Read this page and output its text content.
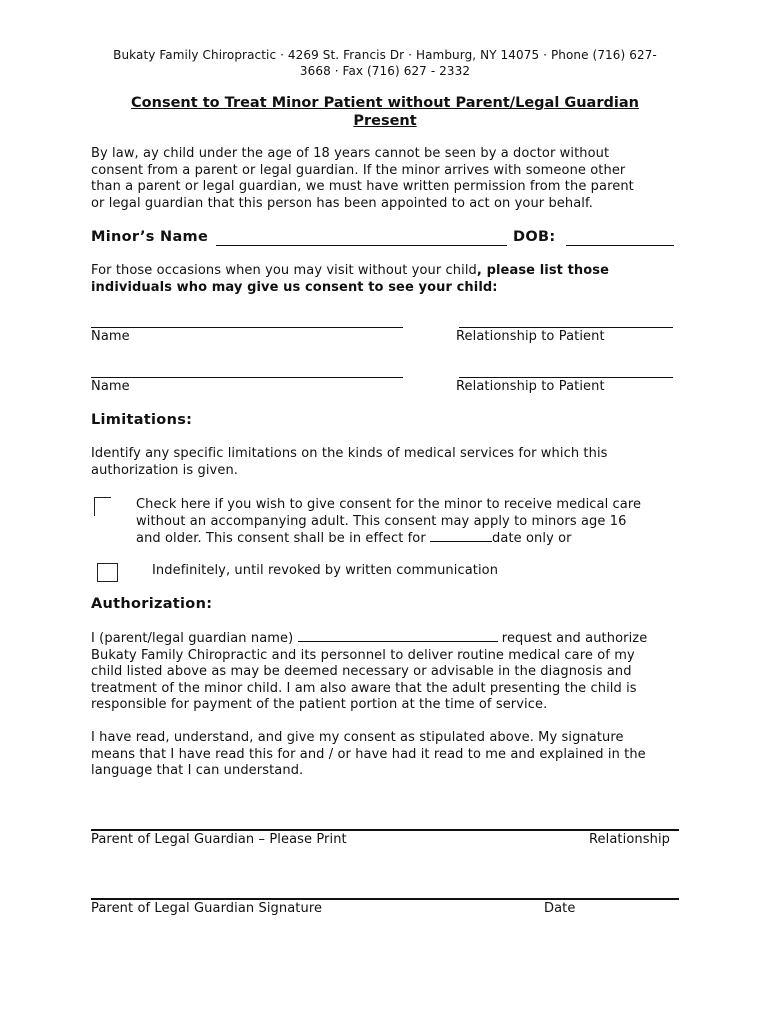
Bukaty Family Chiropractic · 4269 St. Francis Dr · Hamburg, NY 14075 · Phone (716) 627-
3668 · Fax (716) 627 - 2332
Consent to Treat Minor Patient without Parent/Legal Guardian
Present
By law, ay child under the age of 18 years cannot be seen by a doctor without
consent from a parent or legal guardian. If the minor arrives with someone other
than a parent or legal guardian, we must have written permission from the parent
or legal guardian that this person has been appointed to act on your behalf.
Minor’s Name	DOB:
For those occasions when you may visit without your child, please list those
individuals who may give us consent to see your child:
Name	Relationship to Patient
Name	Relationship to Patient
Limitations:
Identify any specific limitations on the kinds of medical services for which this
authorization is given.
Check here if you wish to give consent for the minor to receive medical care
without an accompanying adult. This consent may apply to minors age 16
and older. This consent shall be in effect for	date only or
Indefinitely, until revoked by written communication
Authorization:
I (parent/legal guardian name)	request and authorize
Bukaty Family Chiropractic and its personnel to deliver routine medical care of my
child listed above as may be deemed necessary or advisable in the diagnosis and
treatment of the minor child. I am also aware that the adult presenting the child is
responsible for payment of the patient portion at the time of service.
I have read, understand, and give my consent as stipulated above. My signature
means that I have read this for and / or have had it read to me and explained in the
language that I can understand.
Parent of Legal Guardian – Please Print	Relationship
Parent of Legal Guardian Signature	Date
